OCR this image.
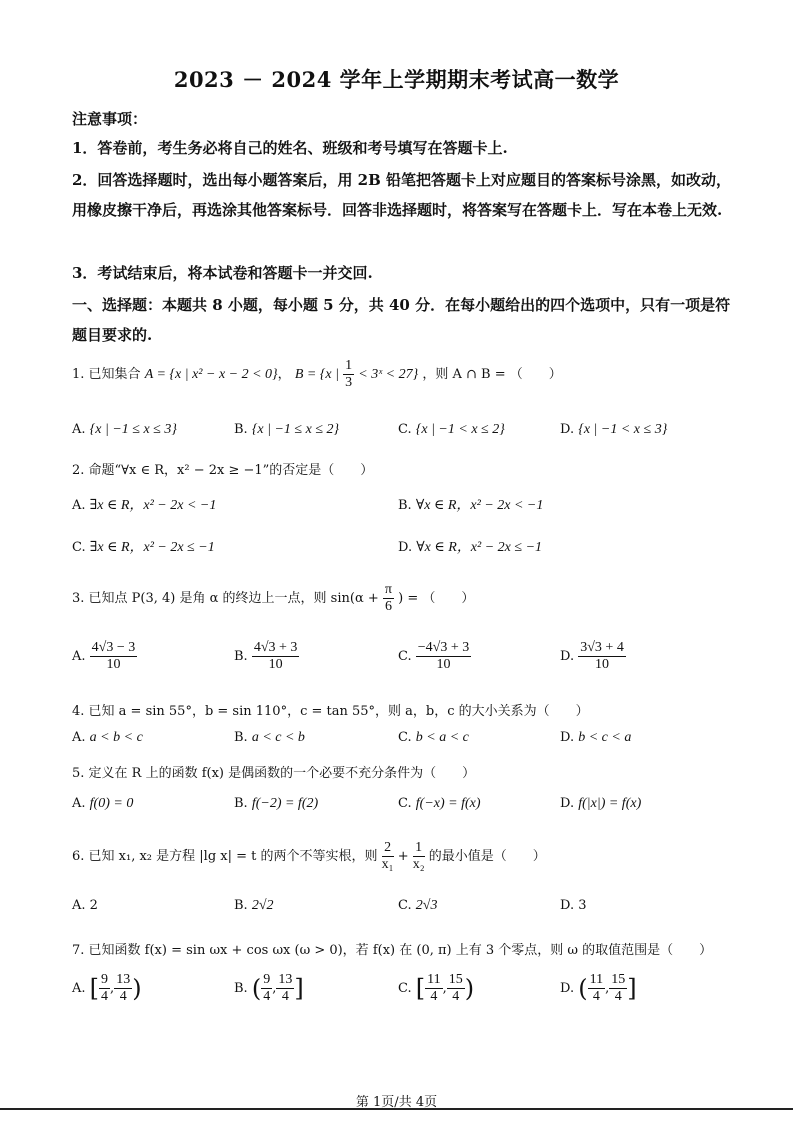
2023 － 2024 学年上学期期末考试高一数学
注意事项：
1．答卷前，考生务必将自己的姓名、班级和考号填写在答题卡上.
2．回答选择题时，选出每小题答案后，用 2B 铅笔把答题卡上对应题目的答案标号涂黑，如改动，用橡皮擦干净后，再选涂其他答案标号．回答非选择题时，将答案写在答题卡上．写在本卷上无效.
3．考试结束后，将本试卷和答题卡一并交回.
一、选择题：本题共 8 小题，每小题 5 分，共 40 分．在每小题给出的四个选项中，只有一项是符题目要求的.
1. 已知集合 A = {x | x² − x − 2 < 0}， B = {x | $\frac{1}{3}$ < 3ˣ < 27} ，则 A ∩ B = （　　）
A. {x | −1 ≤ x ≤ 3}	B. {x | −1 ≤ x ≤ 2}	C. {x | −1 < x ≤ 2}	D. {x | −1 < x ≤ 3}
2. 命题“∀x ∈ R，x² − 2x ≥ −1”的否定是（　　）
A. ∃x ∈ R，x² − 2x < −1	B. ∀x ∈ R，x² − 2x < −1
C. ∃x ∈ R，x² − 2x ≤ −1	D. ∀x ∈ R，x² − 2x ≤ −1
3. 已知点 P(3, 4) 是角 α 的终边上一点，则 $\sin(\alpha + \frac{\pi}{6}$ ) = （　　）
A. $\frac{4√3 - 3}{10}$	B. $\frac{4√3 + 3}{10}$	C. $\frac{-4√3 + 3}{10}$	D. $\frac{3√3 + 4}{10}$
4. 已知 a = sin 55°，b = sin 110°，c = tan 55°，则 a，b，c 的大小关系为（　　）
A. a < b < c	B. a < c < b	C. b < a < c	D. b < c < a
5. 定义在 R 上的函数 f(x) 是偶函数的一个必要不充分条件为（　　）
A. f(0) = 0	B. f(−2) = f(2)	C. f(−x) = f(x)	D. f(|x|) = f(x)
6. 已知 x₁, x₂ 是方程 |lg x| = t 的两个不等实根，则 $\frac{2}{\text{x₁}} + \frac{1}{\text{x₂}}$ 的最小值是（　　）
A. 2	B. 2√2	C. 2√3	D. 3
7. 已知函数 f(x) = sin ωx + cos ωx (ω > 0)，若 f(x) 在 (0, π) 上有 3 个零点，则 ω 的取值范围是（　　）
A. [ $\frac{9}{4}$ , $\frac{13}{4}$ )	B. ( $\frac{9}{4}$ , $\frac{13}{4}$ ]	C. [ $\frac{11}{4}$ , $\frac{15}{4}$ )	D. ( $\frac{11}{4}$ , $\frac{15}{4}$ ]
第 1页/共 4页
